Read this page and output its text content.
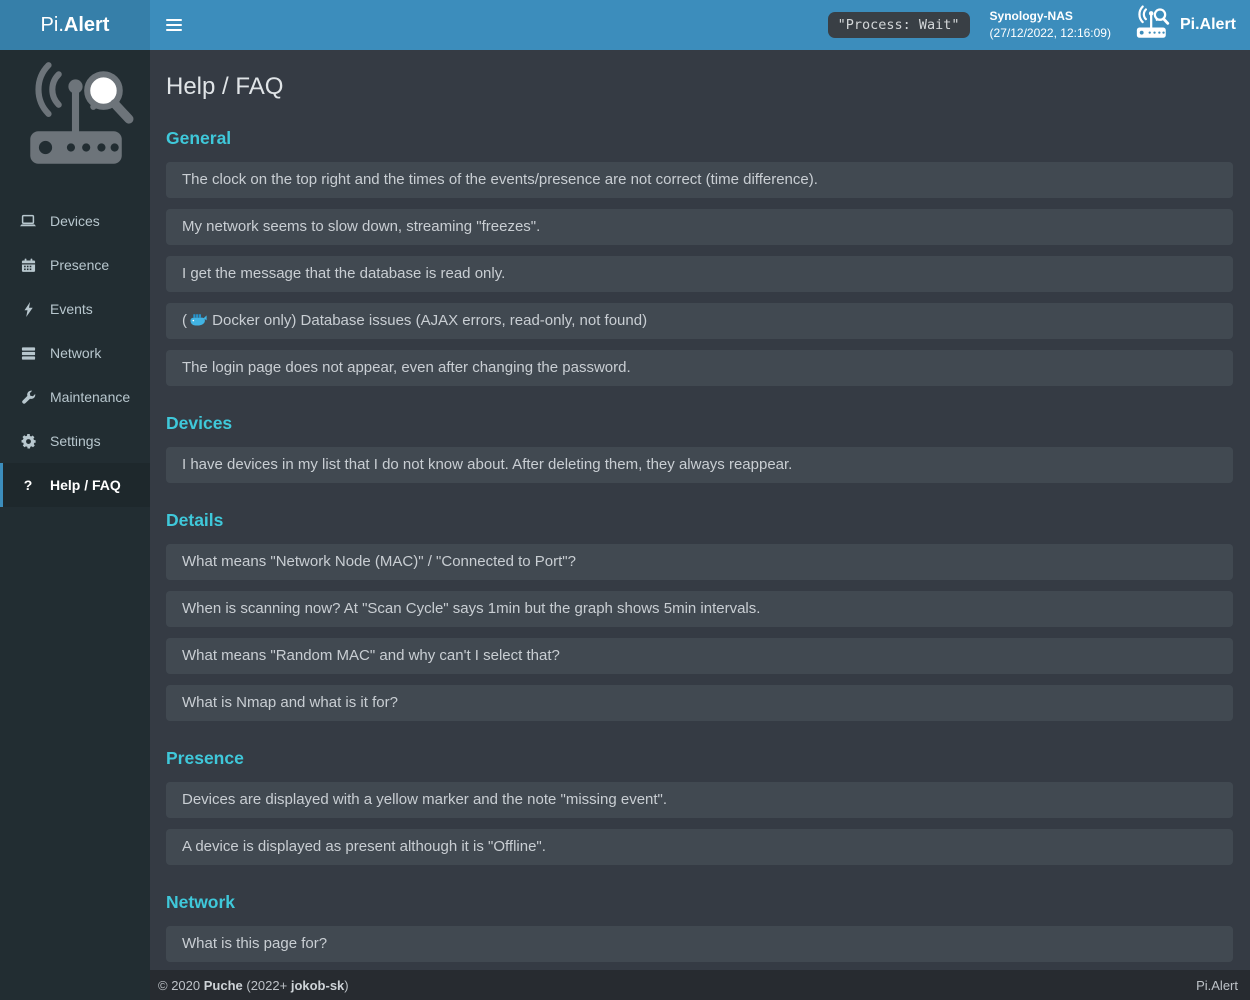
Pi.Alert	"Process: Wait"
Synology-NAS
(27/12/2022, 12:16:09)	Pi.Alert
Devices
Presence
Events
Network
Maintenance
Settings
? Help / FAQ
Help / FAQ
General
The clock on the top right and the times of the events/presence are not correct (time difference).
My network seems to slow down, streaming "freezes".
I get the message that the database is read only.
( Docker only) Database issues (AJAX errors, read-only, not found)
The login page does not appear, even after changing the password.
Devices
I have devices in my list that I do not know about. After deleting them, they always reappear.
Details
What means "Network Node (MAC)" / "Connected to Port"?
When is scanning now? At "Scan Cycle" says 1min but the graph shows 5min intervals.
What means "Random MAC" and why can't I select that?
What is Nmap and what is it for?
Presence
Devices are displayed with a yellow marker and the note "missing event".
A device is displayed as present although it is "Offline".
Network
What is this page for?
© 2020 Puche (2022+ jokob-sk)	Pi.Alert
